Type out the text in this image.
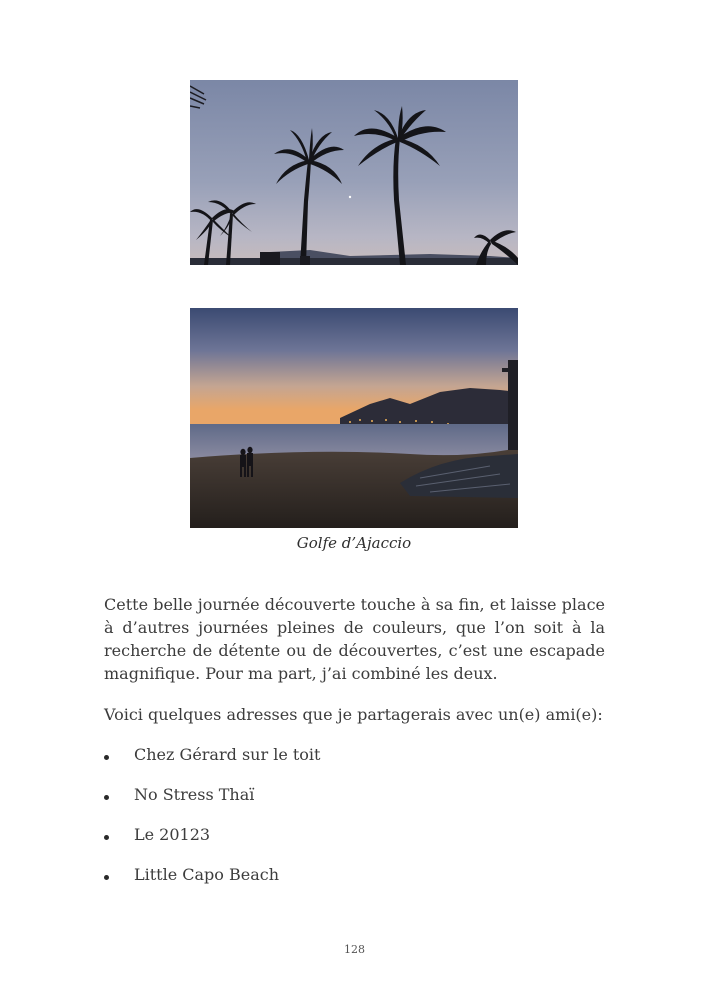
Golfe d’Ajaccio

Cette belle journée découverte touche à sa fin, et laisse place à d’autres journées pleines de couleurs, que l’on soit à la recherche de détente ou de découvertes, c’est une escapade magnifique. Pour ma part, j’ai combiné les deux.

Voici quelques adresses que je partagerais avec un(e) ami(e):

Chez Gérard sur le toit
No Stress Thaï
Le 20123
Little Capo Beach
128
